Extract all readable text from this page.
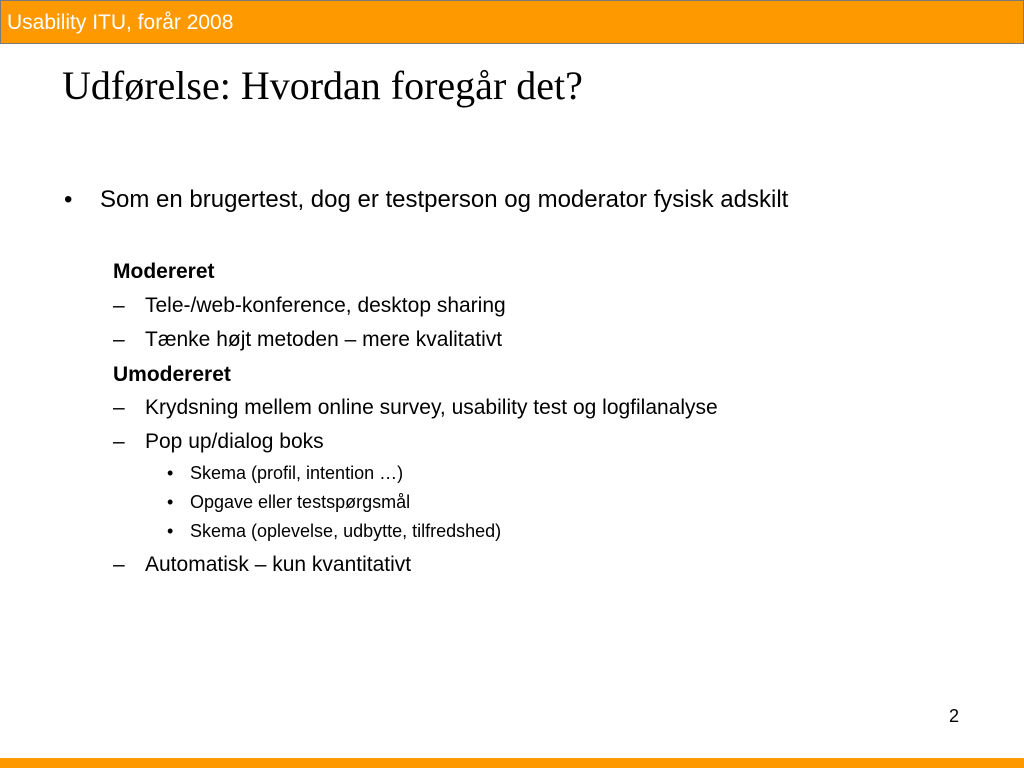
Usability ITU, forår 2008
Udførelse: Hvordan foregår det?
• Som en brugertest, dog er testperson og moderator fysisk adskilt
Modereret
– Tele-/web-konference, desktop sharing
– Tænke højt metoden – mere kvalitativt
Umodereret
– Krydsning mellem online survey, usability test og logfilanalyse
– Pop up/dialog boks
• Skema (profil, intention …)
• Opgave eller testspørgsmål
• Skema (oplevelse, udbytte, tilfredshed)
– Automatisk – kun kvantitativt
2
